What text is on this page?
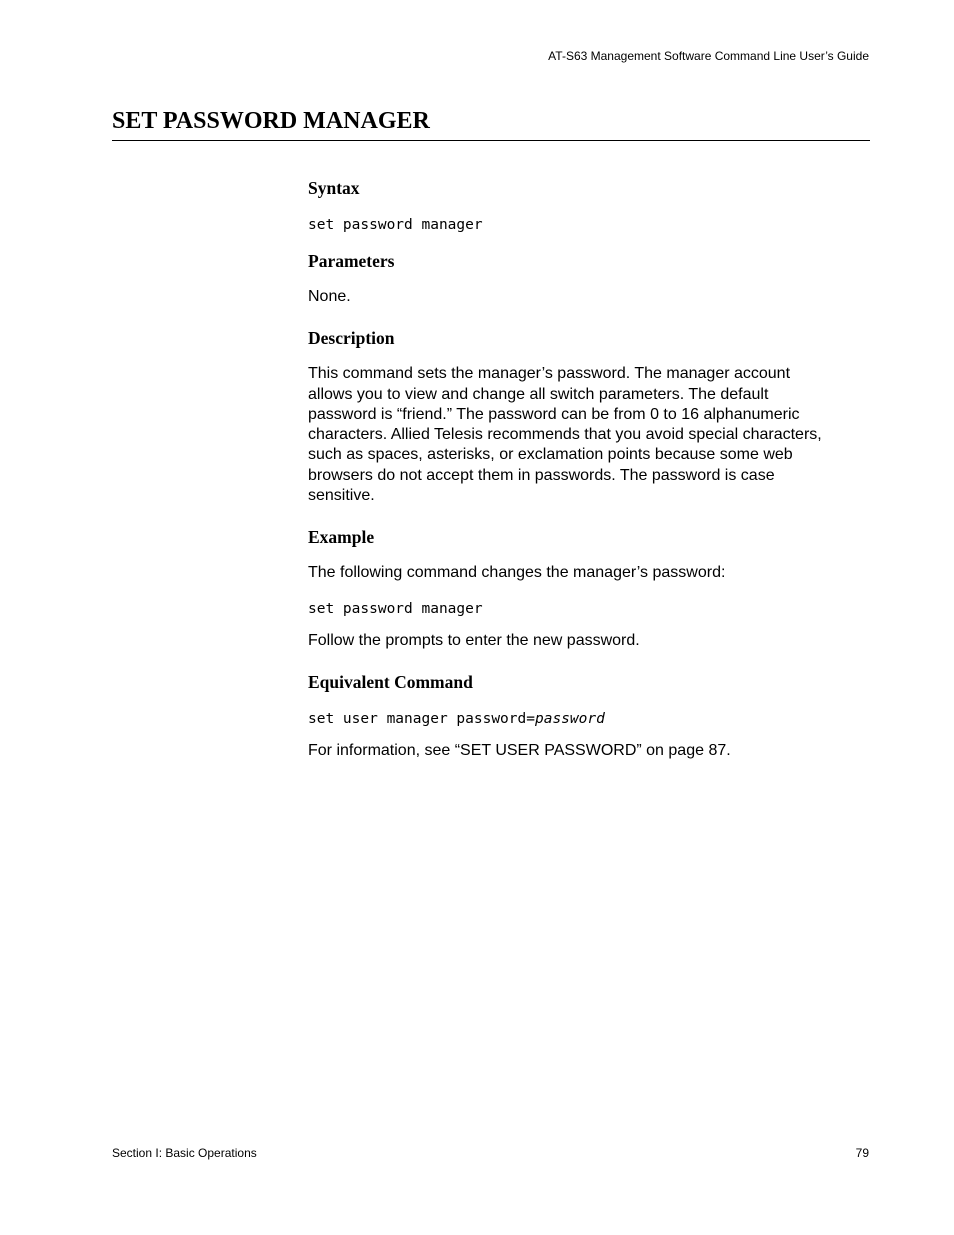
AT-S63 Management Software Command Line User’s Guide
SET PASSWORD MANAGER
Syntax

set password manager

Parameters

None.

Description

This command sets the manager’s password. The manager account

allows you to view and change all switch parameters. The default

password is “friend.” The password can be from 0 to 16 alphanumeric

characters. Allied Telesis recommends that you avoid special characters,

such as spaces, asterisks, or exclamation points because some web

browsers do not accept them in passwords. The password is case

sensitive.

Example

The following command changes the manager’s password:

set password manager

Follow the prompts to enter the new password.

Equivalent Command

set user manager password=password

For information, see “SET USER PASSWORD” on page 87.

Section I: Basic Operations	79
